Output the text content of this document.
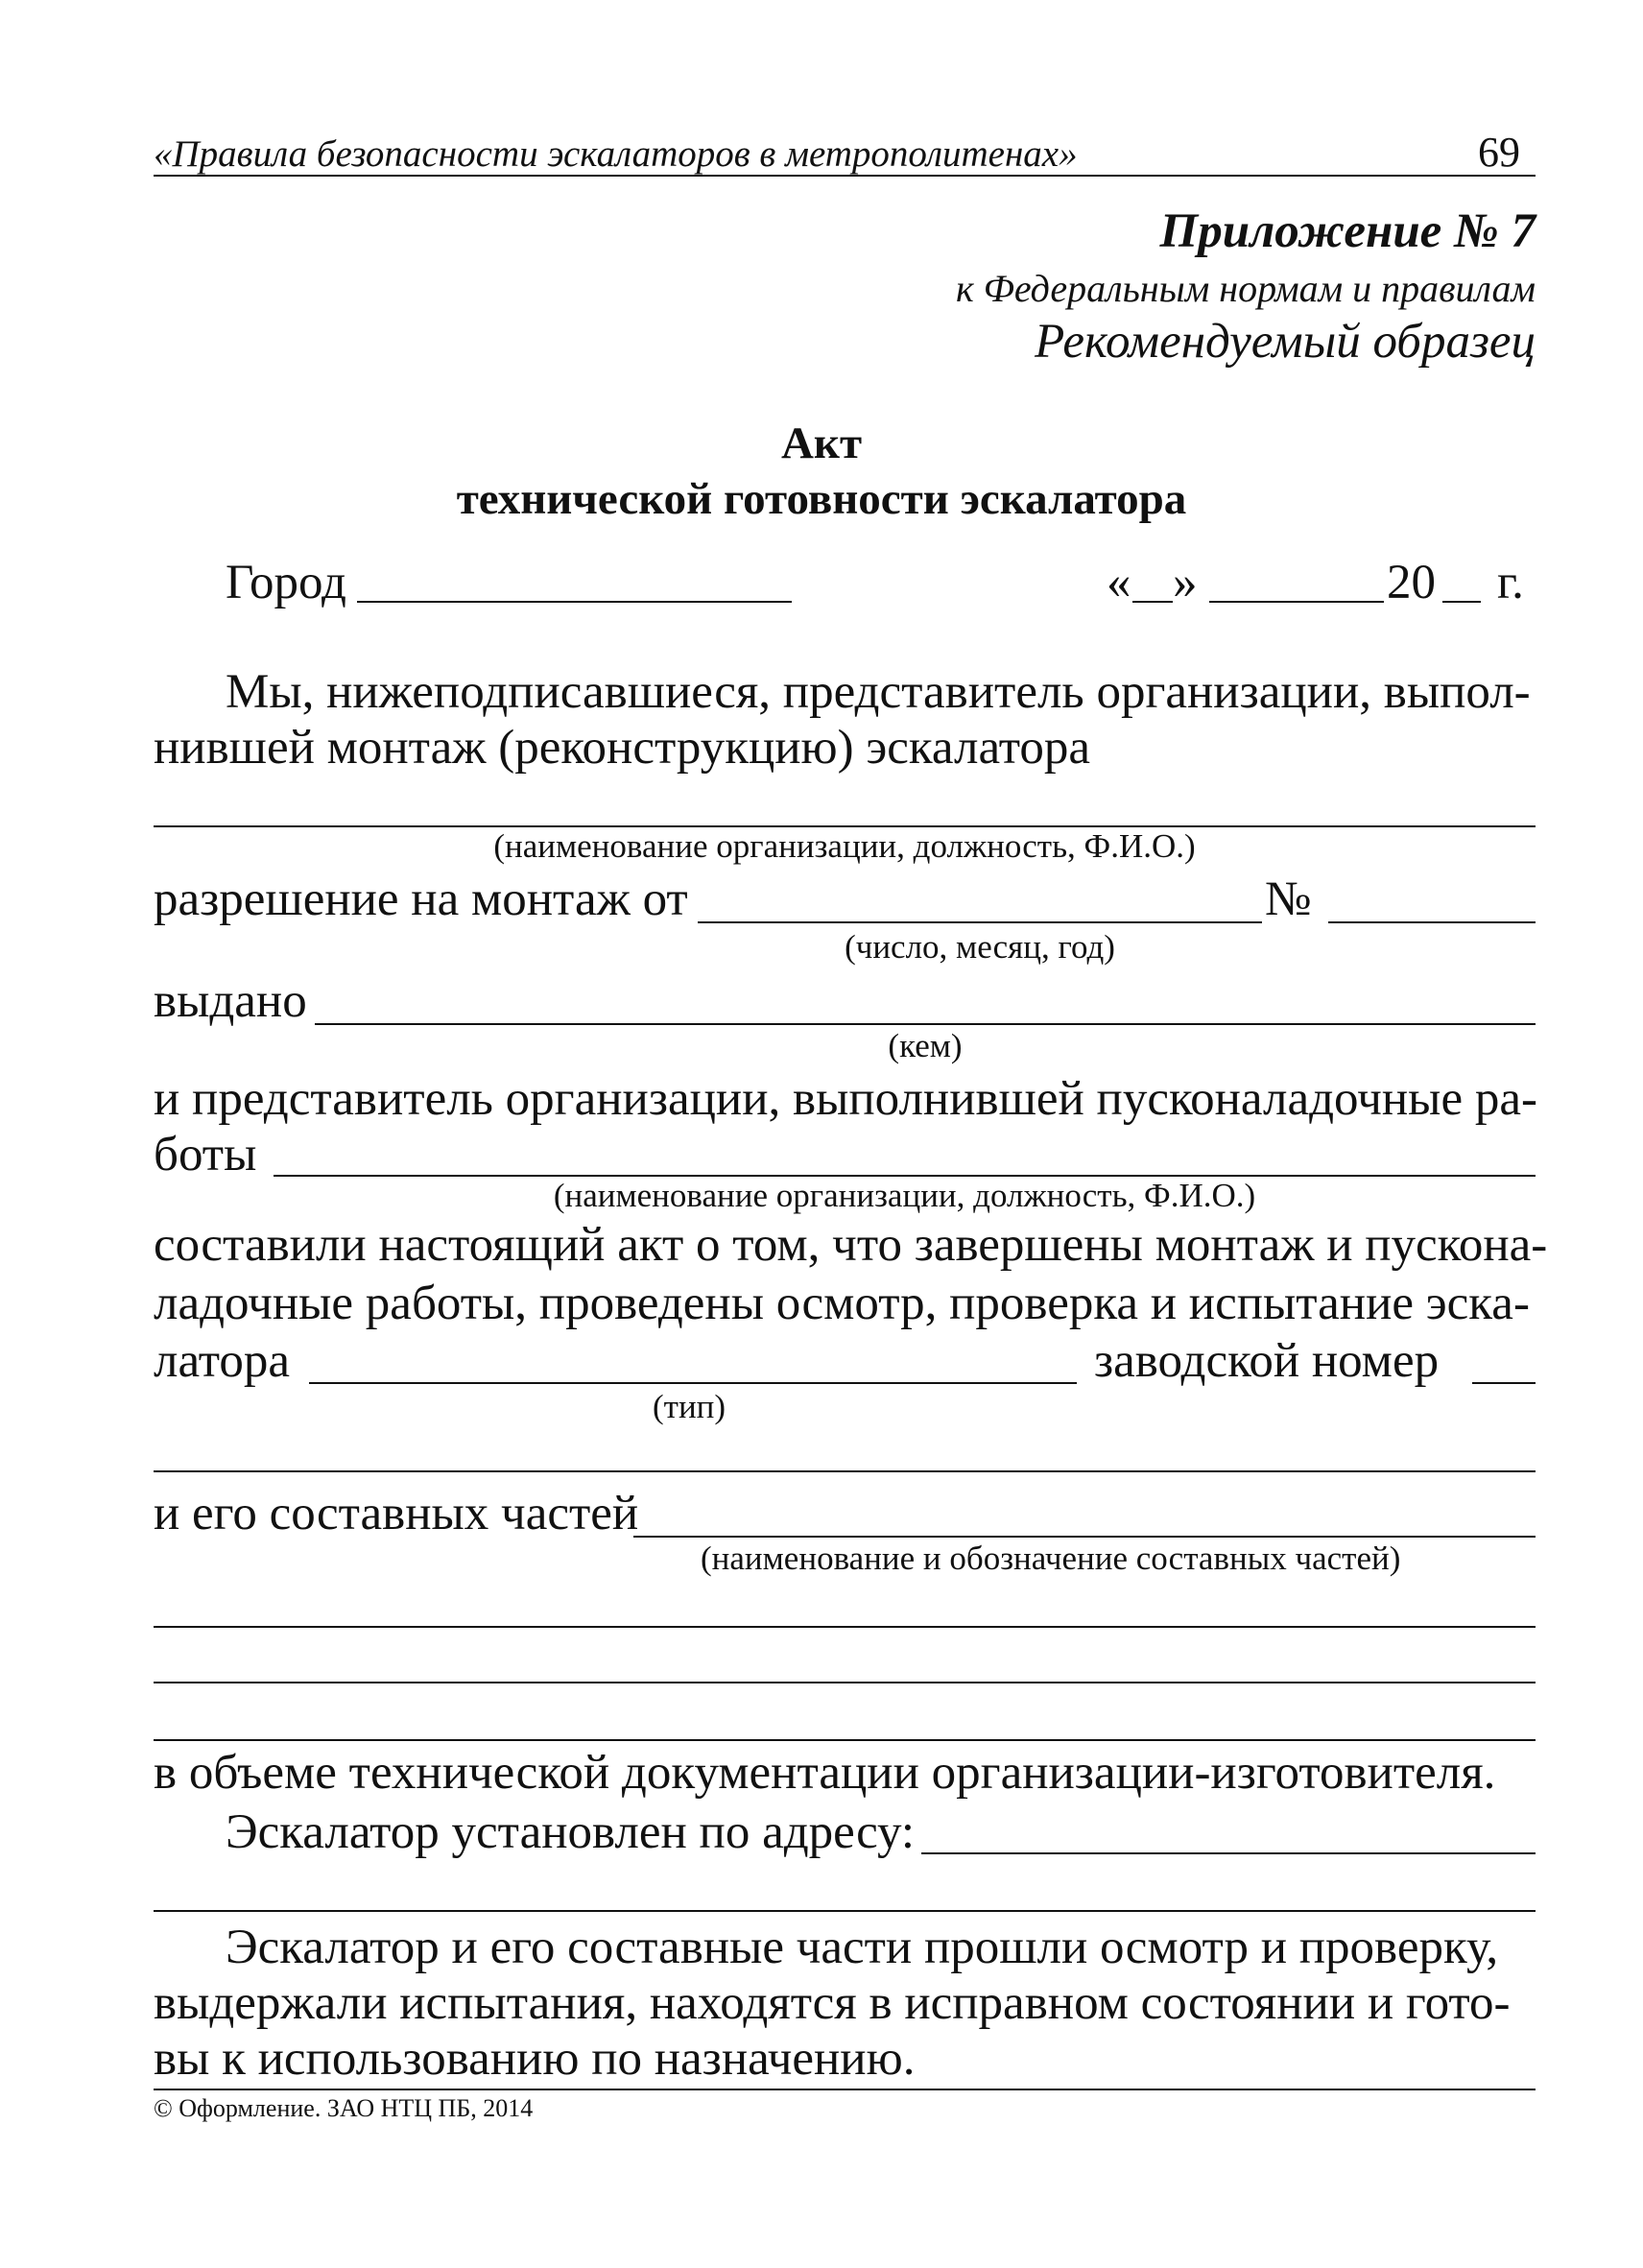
«Правила безопасности эскалаторов в метрополитенах»	69
Приложение № 7
к Федеральным нормам и правилам
Рекомендуемый образец
Акт
технической готовности эскалатора
Город	« »	20 г.
Мы, нижеподписавшиеся, представитель организации, выпол-
нившей монтаж (реконструкцию) эскалатора
(наименование организации, должность, Ф.И.О.)
разрешение на монтаж от	№
(число, месяц, год)
выдано
(кем)
и представитель организации, выполнившей пусконаладочные ра-
боты
(наименование организации, должность, Ф.И.О.)
составили настоящий акт о том, что завершены монтаж и пускона-
ладочные работы, проведены осмотр, проверка и испытание эска-
латора	заводской номер
(тип)
и его составных частей
(наименование и обозначение составных частей)
в объеме технической документации организации-изготовителя.
Эскалатор установлен по адресу:
Эскалатор и его составные части прошли осмотр и проверку,
выдержали испытания, находятся в исправном состоянии и гото-
вы к использованию по назначению.
© Оформление. ЗАО НТЦ ПБ, 2014
